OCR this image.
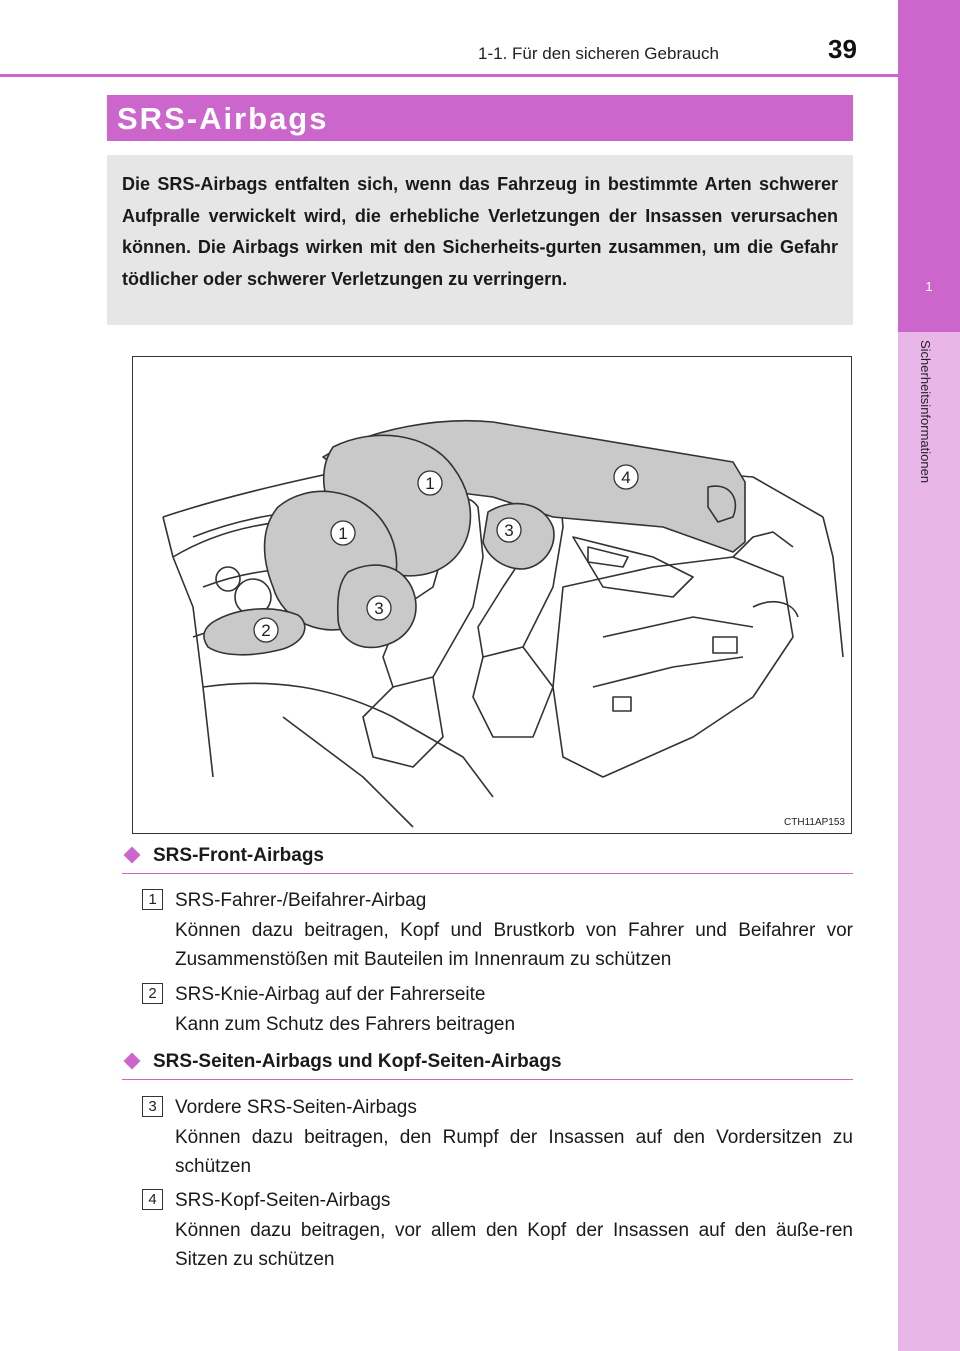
1
Sicherheitsinformationen
1-1. Für den sicheren Gebrauch	39
SRS-Airbags

Die SRS-Airbags entfalten sich, wenn das Fahrzeug in bestimmte Arten schwerer Aufpralle verwickelt wird, die erhebliche Verletzungen der Insassen verursachen können. Die Airbags wirken mit den Sicherheits-gurten zusammen, um die Gefahr tödlicher oder schwerer Verletzungen zu verringern.

1
1
2
3
3
4
CTH11AP153
SRS-Front-Airbags
1 SRS-Fahrer-/Beifahrer-Airbag
Können dazu beitragen, Kopf und Brustkorb von Fahrer und Beifahrer vor Zusammenstößen mit Bauteilen im Innenraum zu schützen
2 SRS-Knie-Airbag auf der Fahrerseite
Kann zum Schutz des Fahrers beitragen
SRS-Seiten-Airbags und Kopf-Seiten-Airbags
3 Vordere SRS-Seiten-Airbags
Können dazu beitragen, den Rumpf der Insassen auf den Vordersitzen zu schützen
4 SRS-Kopf-Seiten-Airbags
Können dazu beitragen, vor allem den Kopf der Insassen auf den äuße-ren Sitzen zu schützen
